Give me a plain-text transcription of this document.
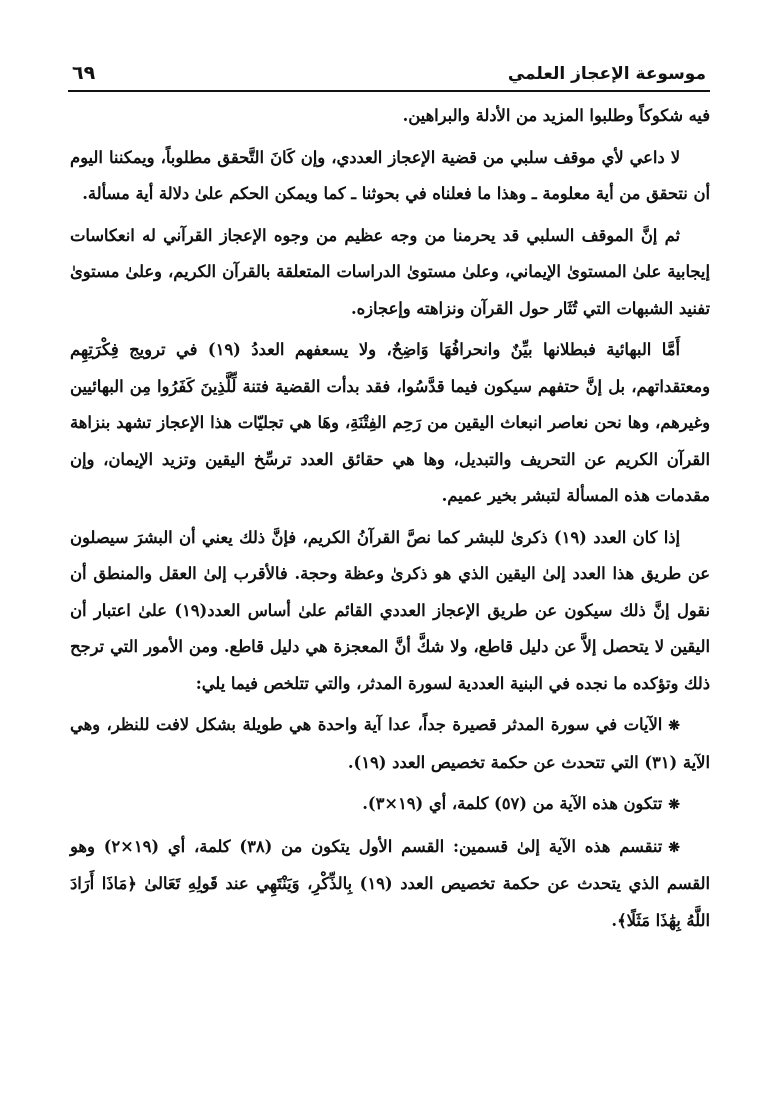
موسوعة الإعجاز العلمي
٦٩

فيه شكوكاً وطلبوا المزيد من الأدلة والبراهين.

لا داعي لأي موقف سلبي من قضية الإعجاز العددي، وإن كَانَ التَّحقق مطلوباً، ويمكننا اليوم أن نتحقق من أية معلومة ـ وهذا ما فعلناه في بحوثنا ـ كما ويمكن الحكم علىٰ دلالة أية مسألة.

ثم إنَّ الموقف السلبي قد يحرمنا من وجه عظيم من وجوه الإعجاز القرآني له انعكاسات إيجابية علىٰ المستوىٰ الإيماني، وعلىٰ مستوىٰ الدراسات المتعلقة بالقرآن الكريم، وعلىٰ مستوىٰ تفنيد الشبهات التي تُثَار حول القرآن ونزاهته وإعجازه.

أَمَّا البهائية فبطلانها بيِّنٌ وانحرافُهَا وَاضِحٌ، ولا يسعفهم العددُ (١٩) في ترويج فِكْرَتِهِم ومعتقداتهم، بل إنَّ حتفهم سيكون فيما قدَّسُوا، فقد بدأت القضية فتنة لِّلَّذِينَ كَفَرُوا مِن البهائيين وغيرهم، وها نحن نعاصر انبعاث اليقين من رَحِم الفِتْنَةِ، وهَا هي تجليّات هذا الإعجاز تشهد بنزاهة القرآن الكريم عن التحريف والتبديل، وها هي حقائق العدد ترسِّخ اليقين وتزيد الإيمان، وإن مقدمات هذه المسألة لتبشر بخير عميم.

إذا كان العدد (١٩) ذكرىٰ للبشر كما نصَّ القرآنُ الكريم، فإنَّ ذلك يعني أن البشرَ سيصلون عن طريق هذا العدد إلىٰ اليقين الذي هو ذكرىٰ وعظة وحجة. فالأقرب إلىٰ العقل والمنطق أن نقول إنَّ ذلك سيكون عن طريق الإعجاز العددي القائم علىٰ أساس العدد(١٩) علىٰ اعتبار أن اليقين لا يتحصل إلاَّ عن دليل قاطع، ولا شكَّ أنَّ المعجزة هي دليل قاطع. ومن الأمور التي ترجح ذلك وتؤكده ما نجده في البنية العددية لسورة المدثر، والتي تتلخص فيما يلي:

❋الآيات في سورة المدثر قصيرة جداً، عدا آية واحدة هي طويلة بشكل لافت للنظر، وهي الآية (٣١) التي تتحدث عن حكمة تخصيص العدد (١٩).

❋تتكون هذه الآية من (٥٧) كلمة، أي (١٩×٣).

❋تنقسم هذه الآية إلىٰ قسمين: القسم الأول يتكون من (٣٨) كلمة، أي (١٩×٢) وهو القسم الذي يتحدث عن حكمة تخصيص العدد (١٩) بِالذِّكْرِ، وَيَنْتَهِي عند قَولِهِ تَعَالىٰ ﴿مَاذَا أَرَادَ اللَّهُ بِهَٰذَا مَثَلًا﴾.
